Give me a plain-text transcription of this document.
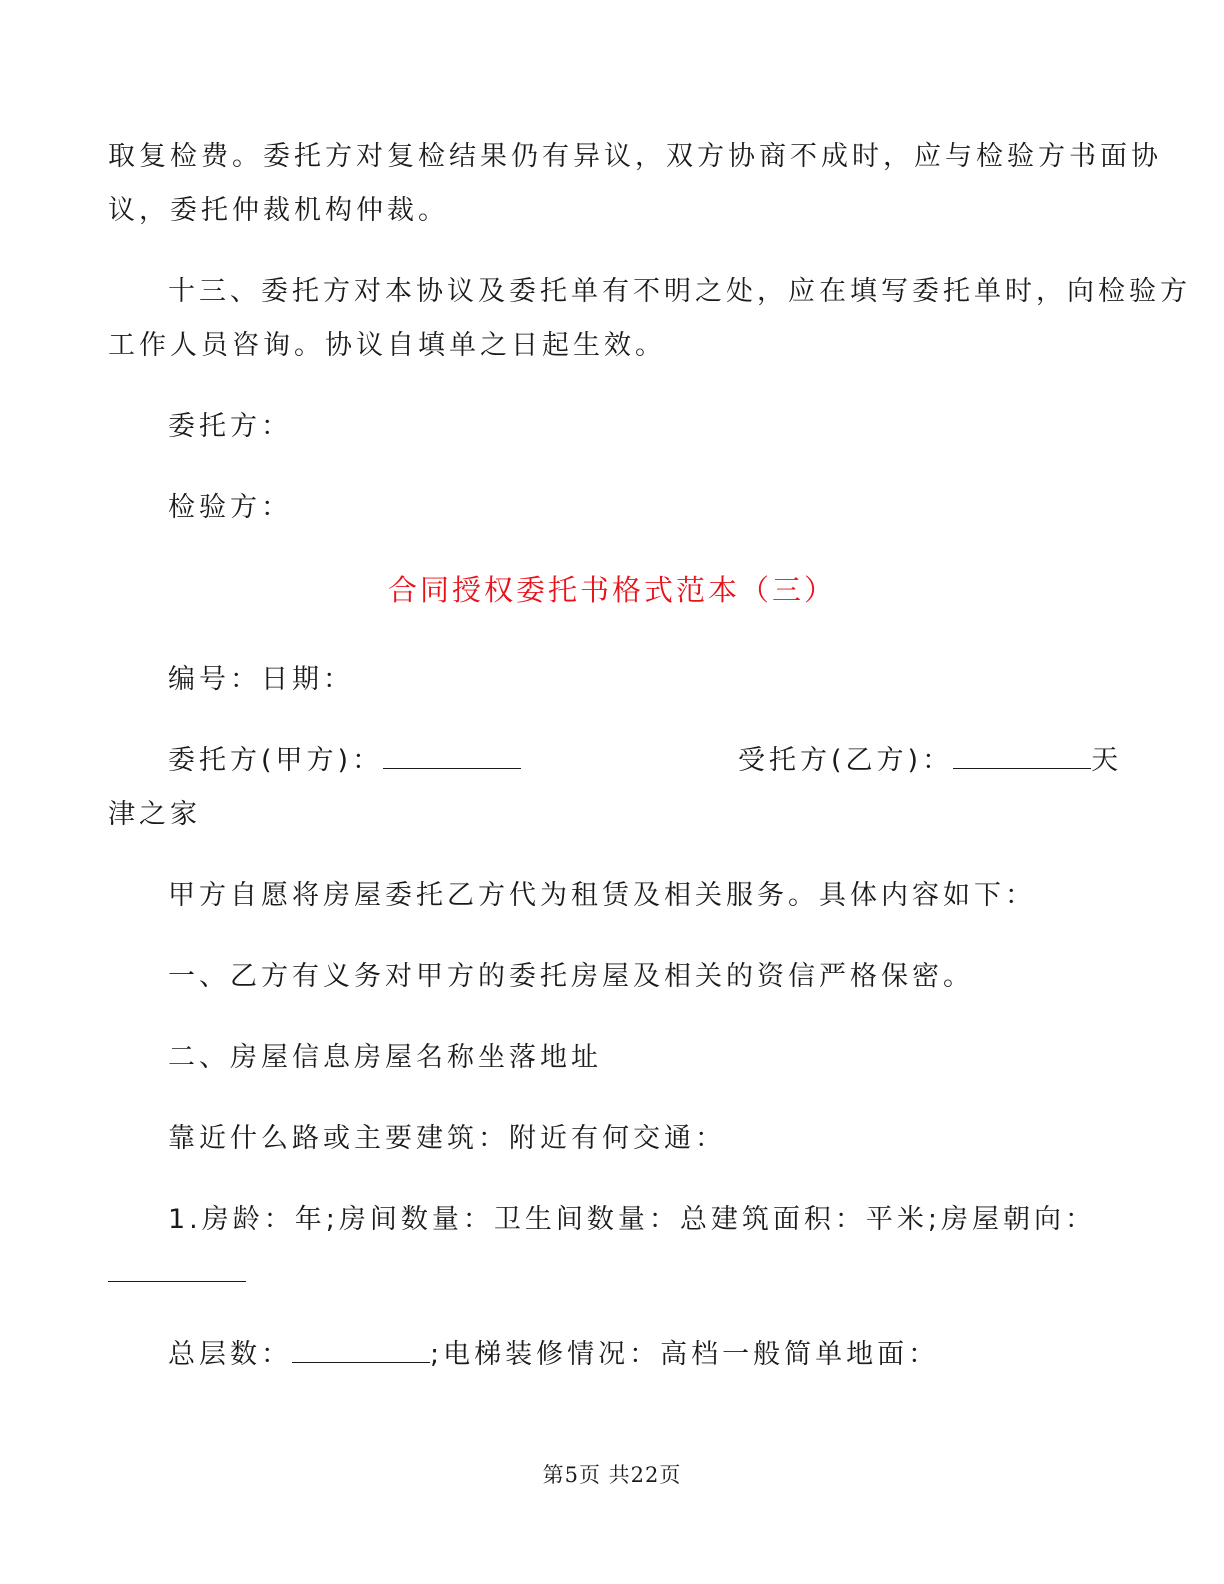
取复检费。委托方对复检结果仍有异议，双方协商不成时，应与检验方书面协
议，委托仲裁机构仲裁。
十三、委托方对本协议及委托单有不明之处，应在填写委托单时，向检验方
工作人员咨询。协议自填单之日起生效。
委托方：
检验方：
合同授权委托书格式范本（三）
编号：日期：
委托方(甲方)：	受托方(乙方)：	天
津之家
甲方自愿将房屋委托乙方代为租赁及相关服务。具体内容如下：
一、乙方有义务对甲方的委托房屋及相关的资信严格保密。
二、房屋信息房屋名称坐落地址
靠近什么路或主要建筑：附近有何交通：
1.房龄：年;房间数量：卫生间数量：总建筑面积：平米;房屋朝向：
总层数：	;电梯装修情况：高档一般简单地面：
第5页 共22页
